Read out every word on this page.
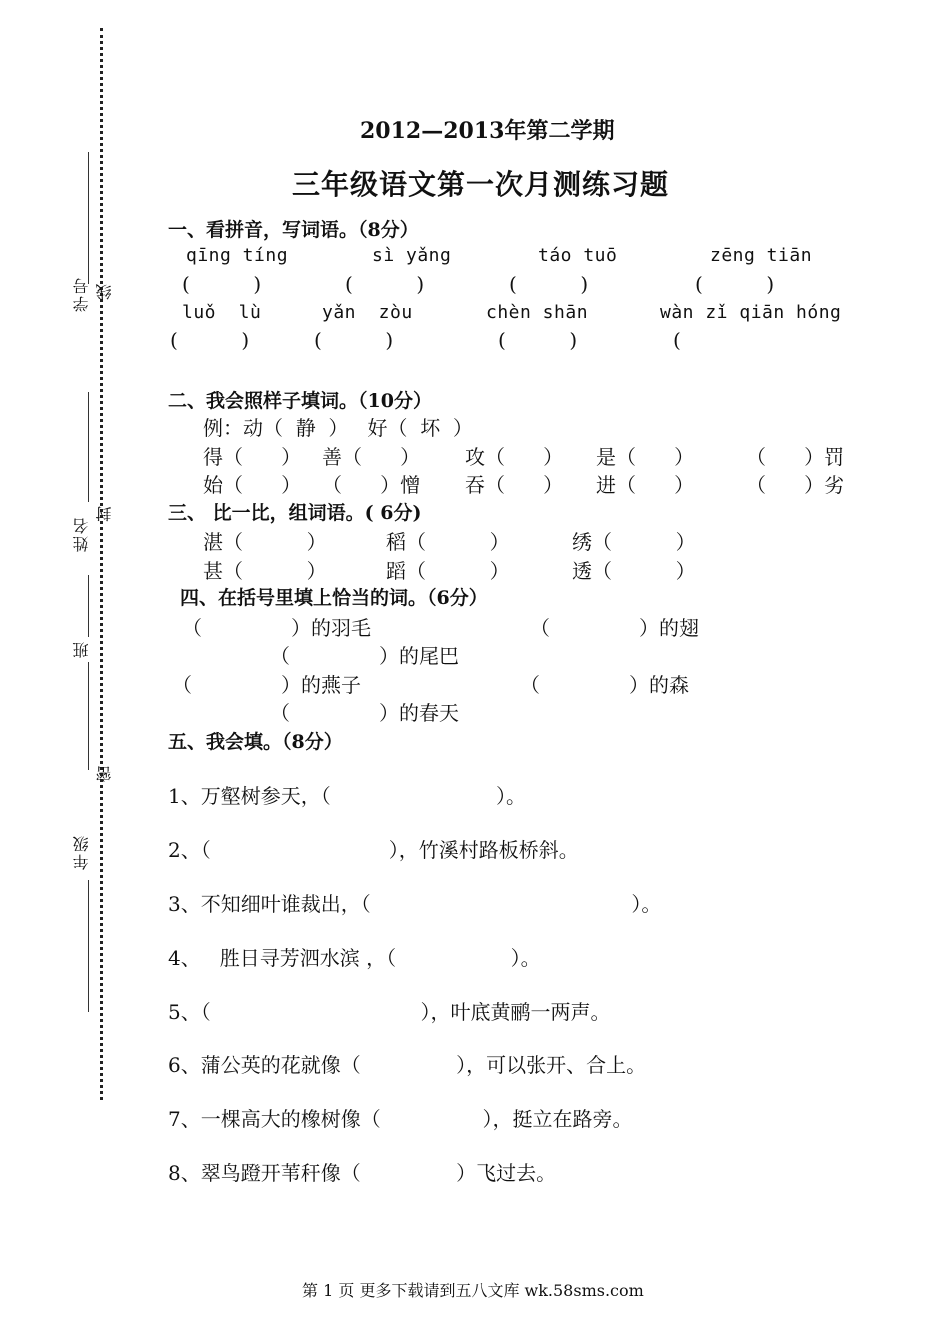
学号 线
姓名
封
班
密
年级
2012—2013年第二学期
三年级语文第一次月测练习题
一、看拼音，写词语。（8分）
qīng tíng	sì yǎng	táo tuō	zēng tiān
(          )	(          )	(          )	(          )
luǒ  lù	yǎn  zòu	chèn shān	wàn zǐ qiān hóng
(          )	(          )	(          )	(
二、我会照样子填词。（10分）
例：动（  静  ）   好（  坏  ）
得（      ） 善（      ） 攻（      ） 是（      ）	（      ）罚
始（      ） （      ）憎 吞（      ） 进（      ）	（      ）劣
三、 比一比，组词语。( 6分)
湛（          ）	稻（          ）	绣（          ）
甚（          ）	蹈（          ）	透（          ）
四、在括号里填上恰当的词。（6分）
（              ）的羽毛	（              ）的翅
（              ）的尾巴
（              ）的燕子	（              ）的森
（              ）的春天
五、我会填。（8分）
1、万壑树参天，（                          ）。
2、（                            ），竹溪村路板桥斜。
3、不知细叶谁裁出，（                                         ）。
4、   胜日寻芳泗水滨 ，（                  ）。
5、（                                 ），叶底黄鹂一两声。
6、蒲公英的花就像（               ），可以张开、合上。
7、一棵高大的橡树像（                ），挺立在路旁。
8、翠鸟蹬开苇秆像（               ）飞过去。
第 1 页 更多下载请到五八文库 wk.58sms.com
